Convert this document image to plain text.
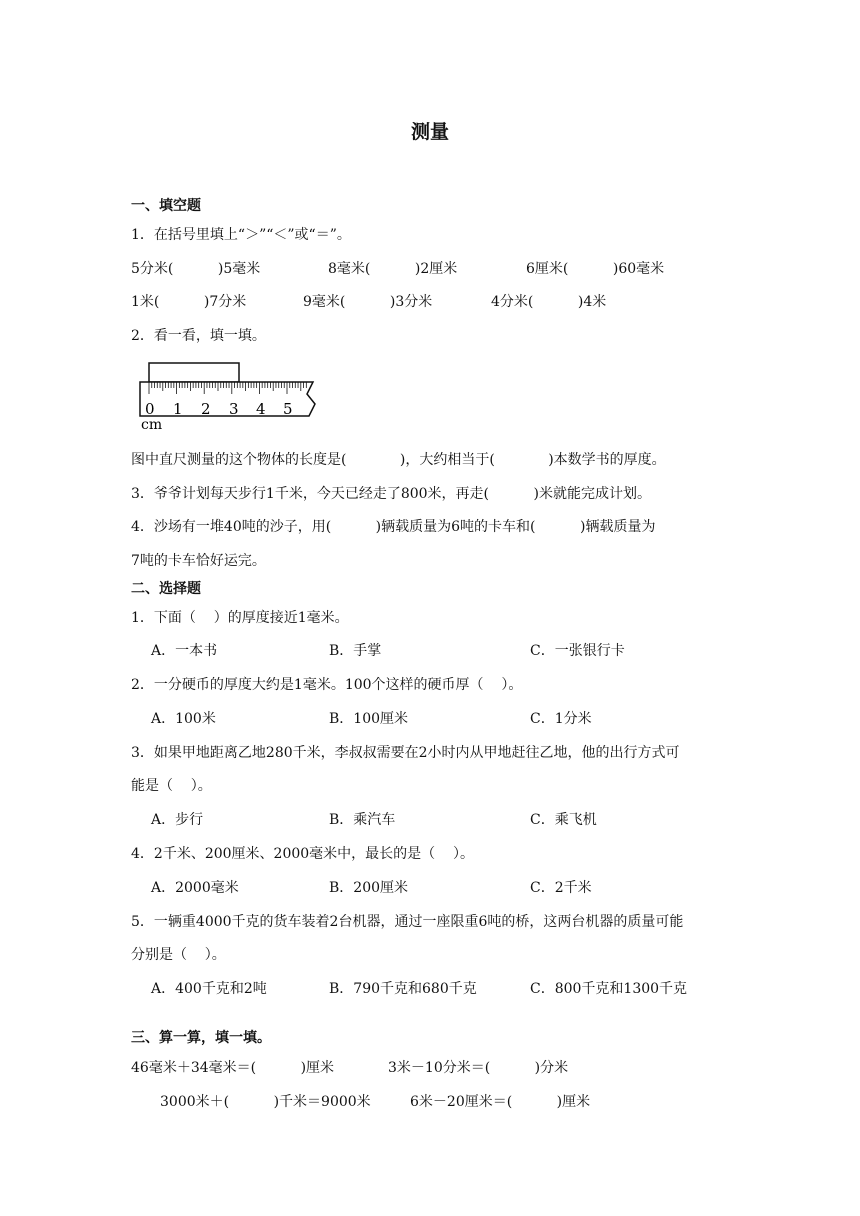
测量
一、填空题
1．在括号里填上“＞”“＜”或“＝”。
5分米(          )5毫米	8毫米(          )2厘米	6厘米(          )60毫米
1米(          )7分米	9毫米(          )3分米	4分米(          )4米
2．看一看，填一填。
0 1 2 3 4 5
cm
图中直尺测量的这个物体的长度是(            )，大约相当于(            )本数学书的厚度。
3．爷爷计划每天步行1千米，今天已经走了800米，再走(          )米就能完成计划。
4．沙场有一堆40吨的沙子，用(          )辆载质量为6吨的卡车和(          )辆载质量为
7吨的卡车恰好运完。
二、选择题
1．下面（    ）的厚度接近1毫米。
A．一本书	B．手掌	C．一张银行卡
2．一分硬币的厚度大约是1毫米。100个这样的硬币厚（    ）。
A．100米	B．100厘米	C．1分米
3．如果甲地距离乙地280千米，李叔叔需要在2小时内从甲地赶往乙地，他的出行方式可
能是（    ）。
A．步行	B．乘汽车	C．乘飞机
4．2千米、200厘米、2000毫米中，最长的是（    ）。
A．2000毫米	B．200厘米	C．2千米
5．一辆重4000千克的货车装着2台机器，通过一座限重6吨的桥，这两台机器的质量可能
分别是（    ）。
A．400千克和2吨	B．790千克和680千克	C．800千克和1300千克
三、算一算，填一填。
46毫米＋34毫米＝(          )厘米	3米－10分米＝(          )分米
3000米＋(          )千米＝9000米	6米－20厘米＝(          )厘米
